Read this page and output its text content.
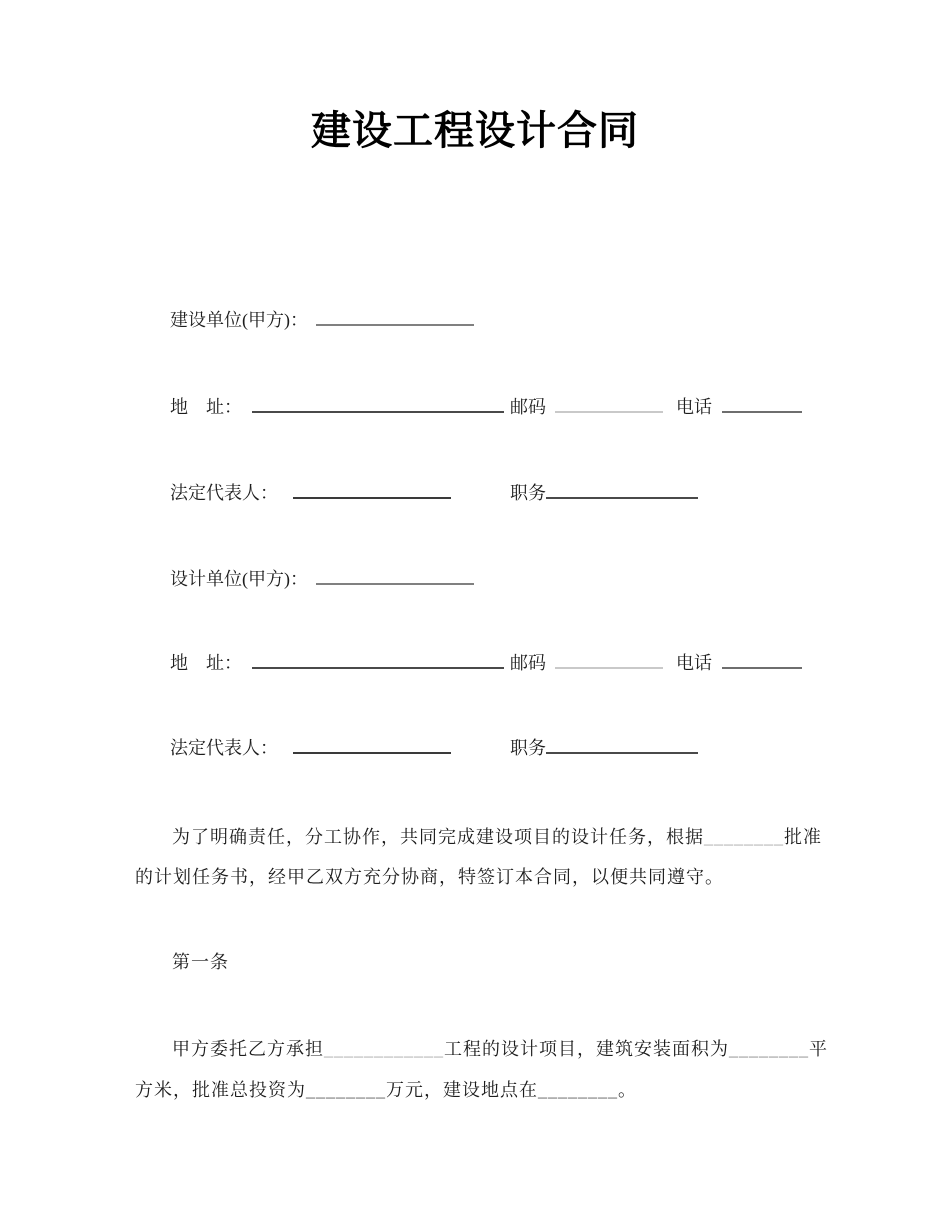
建设工程设计合同
建设单位(甲方)：
地　址：	邮码	电话
法定代表人：	职务
设计单位(甲方)：
地　址：	邮码	电话
法定代表人：	职务
为了明确责任，分工协作，共同完成建设项目的设计任务，根据________批准
的计划任务书，经甲乙双方充分协商，特签订本合同，以便共同遵守。
第一条
甲方委托乙方承担____________工程的设计项目，建筑安装面积为________平
方米，批准总投资为________万元，建设地点在________。
